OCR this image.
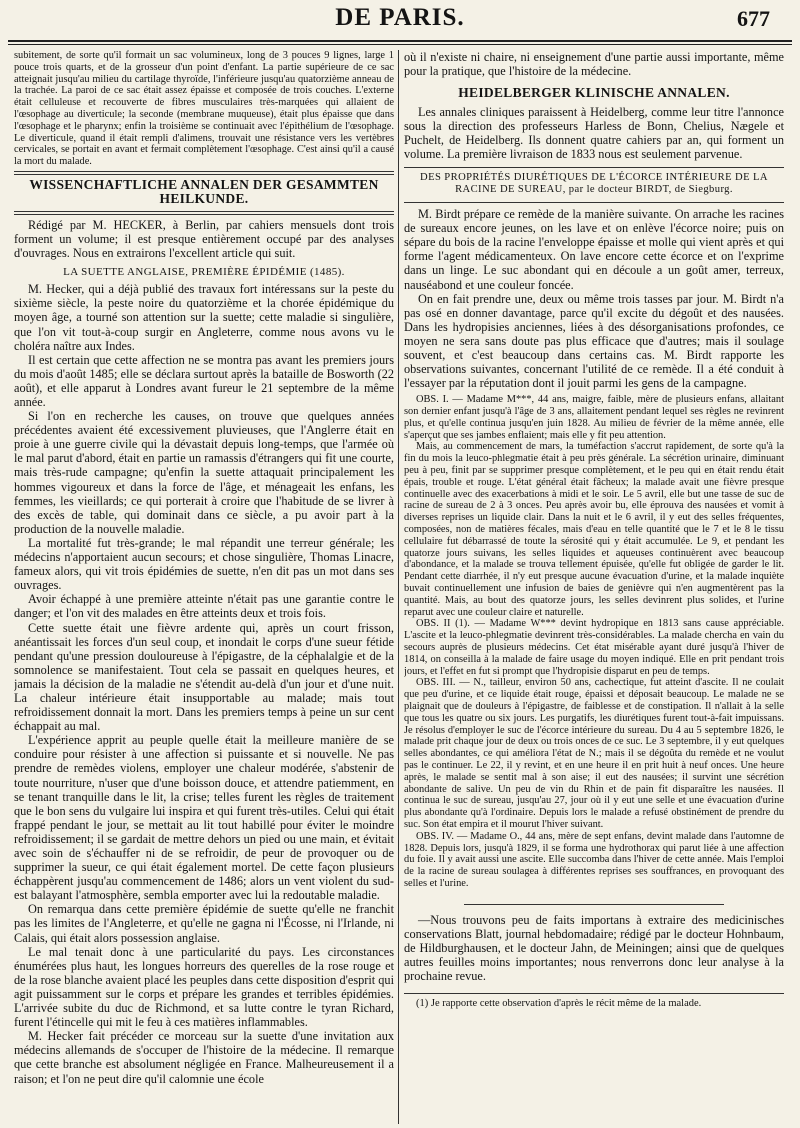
DE PARIS.	677

subitement, de sorte qu'il formait un sac volumineux, long de 3 pouces 9 lignes, large 1 pouce trois quarts, et de la grosseur d'un point d'enfant. La partie supérieure de ce sac atteignait jusqu'au milieu du cartilage thyroïde, l'inférieure jusqu'au quatorzième anneau de la trachée. La paroi de ce sac était assez épaisse et composée de trois couches. L'externe était celluleuse et recouverte de fibres musculaires très-marquées qui allaient de l'œsophage au diverticule; la seconde (membrane muqueuse), était plus épaisse que dans l'œsophage et le pharynx; enfin la troisième se continuait avec l'épithélium de l'œsophage. Le diverticule, quand il était rempli d'alimens, trouvait une résistance vers les vertèbres cervicales, se portait en avant et fermait complètement l'œsophage. C'est ainsi qu'il a causé la mort du malade.

WISSENCHAFTLICHE ANNALEN DER GESAMMTEN HEILKUNDE.

Rédigé par M. HECKER, à Berlin, par cahiers mensuels dont trois forment un volume; il est presque entièrement occupé par des analyses d'ouvrages. Nous en extrairons l'excellent article qui suit.

LA SUETTE ANGLAISE, PREMIÈRE ÉPIDÉMIE (1485).

M. Hecker, qui a déjà publié des travaux fort intéressans sur la peste du sixième siècle, la peste noire du quatorzième et la chorée épidémique du moyen âge, a tourné son attention sur la suette; cette maladie si singulière, que l'on vit tout-à-coup surgir en Angleterre, comme nous avons vu le choléra naître aux Indes.

Il est certain que cette affection ne se montra pas avant les premiers jours du mois d'août 1485; elle se déclara surtout après la bataille de Bosworth (22 août), et elle apparut à Londres avant fureur le 21 septembre de la même année.

Si l'on en recherche les causes, on trouve que quelques années précédentes avaient été excessivement pluvieuses, que l'Anglerre était en proie à une guerre civile qui la dévastait depuis long-temps, que l'armée où le mal parut d'abord, était en partie un ramassis d'étrangers qui fit une courte, mais très-rude campagne; qu'enfin la suette attaquait principalement les hommes vigoureux et dans la force de l'âge, et ménageait les enfans, les femmes, les vieillards; ce qui porterait à croire que l'habitude de se livrer à des excès de table, qui dominait dans ce siècle, a pu avoir part à la production de la nouvelle maladie.

La mortalité fut très-grande; le mal répandit une terreur générale; les médecins n'apportaient aucun secours; et chose singulière, Thomas Linacre, fameux alors, qui vit trois épidémies de suette, n'en dit pas un mot dans ses ouvrages.

Avoir échappé à une première atteinte n'était pas une garantie contre le danger; et l'on vit des malades en être atteints deux et trois fois.

Cette suette était une fièvre ardente qui, après un court frisson, anéantissait les forces d'un seul coup, et inondait le corps d'une sueur fétide pendant qu'une pression douloureuse à l'épigastre, de la céphalalgie et de la somnolence se manifestaient. Tout cela se passait en quelques heures, et jamais la décision de la maladie ne s'étendit au-delà d'un jour et d'une nuit. La chaleur intérieure était insupportable au malade; mais tout refroidissement donnait la mort. Dans les premiers temps à peine un sur cent échappait au mal.

L'expérience apprit au peuple quelle était la meilleure manière de se conduire pour résister à une affection si puissante et si nouvelle. Ne pas prendre de remèdes violens, employer une chaleur modérée, s'abstenir de toute nourriture, n'user que d'une boisson douce, et attendre patiemment, en se tenant tranquille dans le lit, la crise; telles furent les règles de traitement que le bon sens du vulgaire lui inspira et qui furent très-utiles. Celui qui était frappé pendant le jour, se mettait au lit tout habillé pour éviter le moindre refroidissement; il se gardait de mettre dehors un pied ou une main, et évitait avec soin de s'échauffer ni de se refroidir, de peur de provoquer ou de supprimer la sueur, ce qui était également mortel. De cette façon plusieurs échappèrent jusqu'au commencement de 1486; alors un vent violent du sud-est balayant l'atmosphère, sembla emporter avec lui la redoutable maladie.

On remarqua dans cette première épidémie de suette qu'elle ne franchit pas les limites de l'Angleterre, et qu'elle ne gagna ni l'Écosse, ni l'Irlande, ni Calais, qui était alors possession anglaise.

Le mal tenait donc à une particularité du pays. Les circonstances énumérées plus haut, les longues horreurs des querelles de la rose rouge et de la rose blanche avaient placé les peuples dans cette disposition d'esprit qui agit puissamment sur le corps et prépare les grandes et terribles épidémies. L'arrivée subite du duc de Richmond, et sa lutte contre le tyran Richard, furent l'étincelle qui mit le feu à ces matières inflammables.

M. Hecker fait précéder ce morceau sur la suette d'une invitation aux médecins allemands de s'occuper de l'histoire de la médecine. Il remarque que cette branche est absolument négligée en France. Malheureusement il a raison; et l'on ne peut dire qu'il calomnie une école

où il n'existe ni chaire, ni enseignement d'une partie aussi importante, même pour la pratique, que l'histoire de la médecine.

HEIDELBERGER KLINISCHE ANNALEN.

Les annales cliniques paraissent à Heidelberg, comme leur titre l'annonce sous la direction des professeurs Harless de Bonn, Chelius, Nægele et Puchelt, de Heidelberg. Ils donnent quatre cahiers par an, qui forment un volume. La première livraison de 1833 nous est seulement parvenue.

DES PROPRIÉTÉS DIURÉTIQUES DE L'ÉCORCE INTÉRIEURE DE LA RACINE DE SUREAU, par le docteur BIRDT, de Siegburg.

M. Birdt prépare ce remède de la manière suivante. On arrache les racines de sureaux encore jeunes, on les lave et on enlève l'écorce noire; puis on sépare du bois de la racine l'enveloppe épaisse et molle qui vient après et qui forme l'agent médicamenteux. On lave encore cette écorce et on l'exprime dans un linge. Le suc abondant qui en découle a un goût amer, terreux, nauséabond et une couleur foncée.

On en fait prendre une, deux ou même trois tasses par jour. M. Birdt n'a pas osé en donner davantage, parce qu'il excite du dégoût et des nausées. Dans les hydropisies anciennes, liées à des désorganisations profondes, ce moyen ne sera sans doute pas plus efficace que d'autres; mais il soulage souvent, et c'est beaucoup dans certains cas. M. Birdt rapporte les observations suivantes, concernant l'utilité de ce remède. Il a été conduit à l'essayer par la réputation dont il jouit parmi les gens de la campagne.

OBS. I. — Madame M***, 44 ans, maigre, faible, mère de plusieurs enfans, allaitant son dernier enfant jusqu'à l'âge de 3 ans, allaitement pendant lequel ses règles ne revinrent plus, et qu'elle continua jusqu'en juin 1828. Au milieu de février de la même année, elle s'aperçut que ses jambes enflaient; mais elle y fit peu attention.

Mais, au commencement de mars, la tuméfaction s'accrut rapidement, de sorte qu'à la fin du mois la leuco-phlegmatie était à peu près générale. La sécrétion urinaire, diminuant peu à peu, finit par se supprimer presque complètement, et le peu qui en était rendu était épais, trouble et rouge. L'état général était fâcheux; la malade avait une fièvre presque continuelle avec des exacerbations à midi et le soir. Le 5 avril, elle but une tasse de suc de racine de sureau de 2 à 3 onces. Peu après avoir bu, elle éprouva des nausées et vomit à diverses reprises un liquide clair. Dans la nuit et le 6 avril, il y eut des selles fréquentes, composées, non de matières fécales, mais d'eau en telle quantité que le 7 et le 8 le tissu cellulaire fut débarrassé de toute la sérosité qui y était accumulée. Le 9, et pendant les quatorze jours suivans, les selles liquides et aqueuses continuèrent avec beaucoup d'abondance, et la malade se trouva tellement épuisée, qu'elle fut obligée de garder le lit. Pendant cette diarrhée, il n'y eut presque aucune évacuation d'urine, et la malade inquiète buvait continuellement une infusion de baies de genièvre qui n'en augmentèrent pas la quantité. Mais, au bout des quatorze jours, les selles devinrent plus solides, et l'urine reparut avec une couleur claire et naturelle.

OBS. II (1). — Madame W*** devint hydropique en 1813 sans cause appréciable. L'ascite et la leuco-phlegmatie devinrent très-considérables. La malade chercha en vain du secours auprès de plusieurs médecins. Cet état misérable ayant duré jusqu'à l'hiver de 1814, on conseilla à la malade de faire usage du moyen indiqué. Elle en prit pendant trois jours, et l'effet en fut si prompt que l'hydropisie disparut en peu de temps.

OBS. III. — N., tailleur, environ 50 ans, cachectique, fut atteint d'ascite. Il ne coulait que peu d'urine, et ce liquide était rouge, épaissi et déposait beaucoup. Le malade ne se plaignait que de douleurs à l'épigastre, de faiblesse et de constipation. Il n'allait à la selle que tous les quatre ou six jours. Les purgatifs, les diurétiques furent tout-à-fait impuissans. Je résolus d'employer le suc de l'écorce intérieure du sureau. Du 4 au 5 septembre 1826, le malade prit chaque jour de deux ou trois onces de ce suc. Le 3 septembre, il y eut quelques selles abondantes, ce qui améliora l'état de N.; mais il se dégoûta du remède et ne voulut pas le continuer. Le 22, il y revint, et en une heure il en prit huit à neuf onces. Une heure après, le malade se sentit mal à son aise; il eut des nausées; il survint une sécrétion abondante de salive. Un peu de vin du Rhin et de pain fit disparaître les nausées. Il continua le suc de sureau, jusqu'au 27, jour où il y eut une selle et une évacuation d'urine plus abondante qu'à l'ordinaire. Depuis lors le malade a refusé obstinément de prendre du suc. Son état empira et il mourut l'hiver suivant.

OBS. IV. — Madame O., 44 ans, mère de sept enfans, devint malade dans l'automne de 1828. Depuis lors, jusqu'à 1829, il se forma une hydrothorax qui parut liée à une affection du foie. Il y avait aussi une ascite. Elle succomba dans l'hiver de cette année. Mais l'emploi de la racine de sureau soulagea à différentes reprises ses souffrances, en provoquant des selles et l'urine.

—Nous trouvons peu de faits importans à extraire des medicinisches conservations Blatt, journal hebdomadaire; rédigé par le docteur Hohnbaum, de Hildburghausen, et le docteur Jahn, de Meiningen; ainsi que de quelques autres feuilles moins importantes; nous renverrons donc leur analyse à la prochaine revue.

(1) Je rapporte cette observation d'après le récit même de la malade.
